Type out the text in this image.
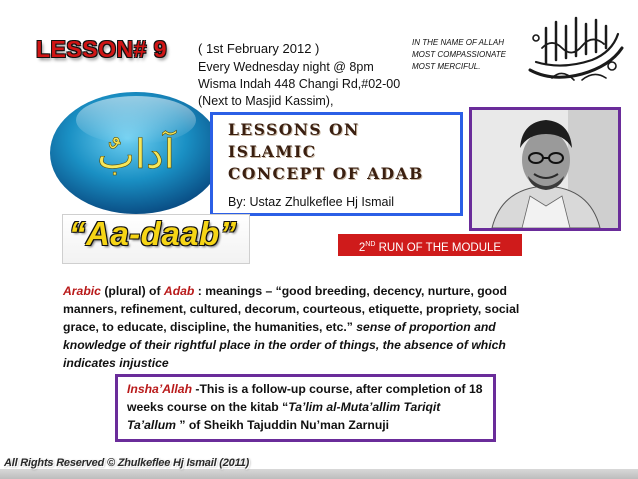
LESSON# 9	( 1st February 2012 )
Every Wednesday night @ 8pm
Wisma Indah 448 Changi Rd,#02-00
(Next to Masjid Kassim),
IN THE NAME OF ALLAH
MOST COMPASSIONATE
MOST MERCIFUL.
آدابٌ
LESSONS ON
ISLAMIC
CONCEPT OF ADAB
By: Ustaz Zhulkeflee Hj Ismail
“Aa-daab”	2ND RUN OF THE MODULE
Arabic (plural) of Adab : meanings – “good breeding, decency, nurture, good manners, refinement, cultured, decorum, courteous, etiquette, propriety, social grace, to educate, discipline, the humanities, etc.” sense of proportion and knowledge of their rightful place in the order of things, the absence of which indicates injustice
Insha’Allah -This is a follow-up course, after completion of 18 weeks course on the kitab “Ta’lim al-Muta’allim Tariqit Ta’allum ” of Sheikh Tajuddin Nu’man Zarnuji
All Rights Reserved © Zhulkeflee Hj Ismail (2011)
